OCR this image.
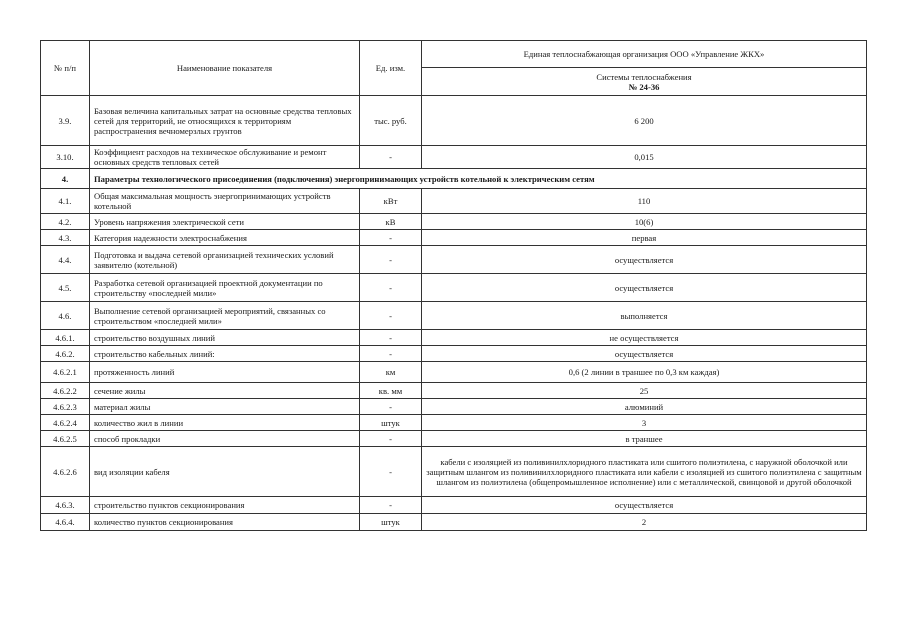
№ п/п	Наименование показателя	Ед. изм.	Единая теплоснабжающая организация ООО «Управление ЖКХ»

			Системы теплоснабжения
№ 24-36

3.9.	Базовая величина капитальных затрат на основные средства тепловых сетей для территорий, не относящихся к территориям распространения вечномерзлых грунтов	тыс. руб.	6 200
3.10.	Коэффициент расходов на техническое обслуживание и ремонт основных средств тепловых сетей	-	0,015
4.	Параметры технологического присоединения (подключения) энергопринимающих устройств котельной к электрическим сетям		
4.1.	Общая максимальная мощность энергопринимающих устройств котельной	кВт	110
4.2.	Уровень напряжения электрической сети	кВ	10(6)
4.3.	Категория надежности электроснабжения	-	первая
4.4.	Подготовка и выдача сетевой организацией технических условий заявителю (котельной)	-	осуществляется
4.5.	Разработка сетевой организацией проектной документации по строительству «последней мили»	-	осуществляется
4.6.	Выполнение сетевой организацией мероприятий, связанных со строительством «последней мили»	-	выполняется
4.6.1.	строительство воздушных линий	-	не осуществляется
4.6.2.	строительство кабельных линий:	-	осуществляется
4.6.2.1	протяженность линий	км	0,6 (2 линии в траншее по 0,3 км каждая)
4.6.2.2	сечение жилы	кв. мм	25
4.6.2.3	материал жилы	-	алюминий
4.6.2.4	количество жил в линии	штук	3
4.6.2.5	способ прокладки	-	в траншее
4.6.2.6	вид изоляции кабеля	-	кабели с изоляцией из поливинилхлоридного пластиката или сшитого полиэтилена, с наружной оболочкой или защитным шлангом из поливинилхлоридного пластиката или кабели с изоляцией из сшитого полиэтилена с защитным шлангом из полиэтилена (общепромышленное исполнение) или с металлической, свинцовой и другой оболочкой
4.6.3.	строительство пунктов секционирования	-	осуществляется
4.6.4.	количество пунктов секционирования	штук	2
